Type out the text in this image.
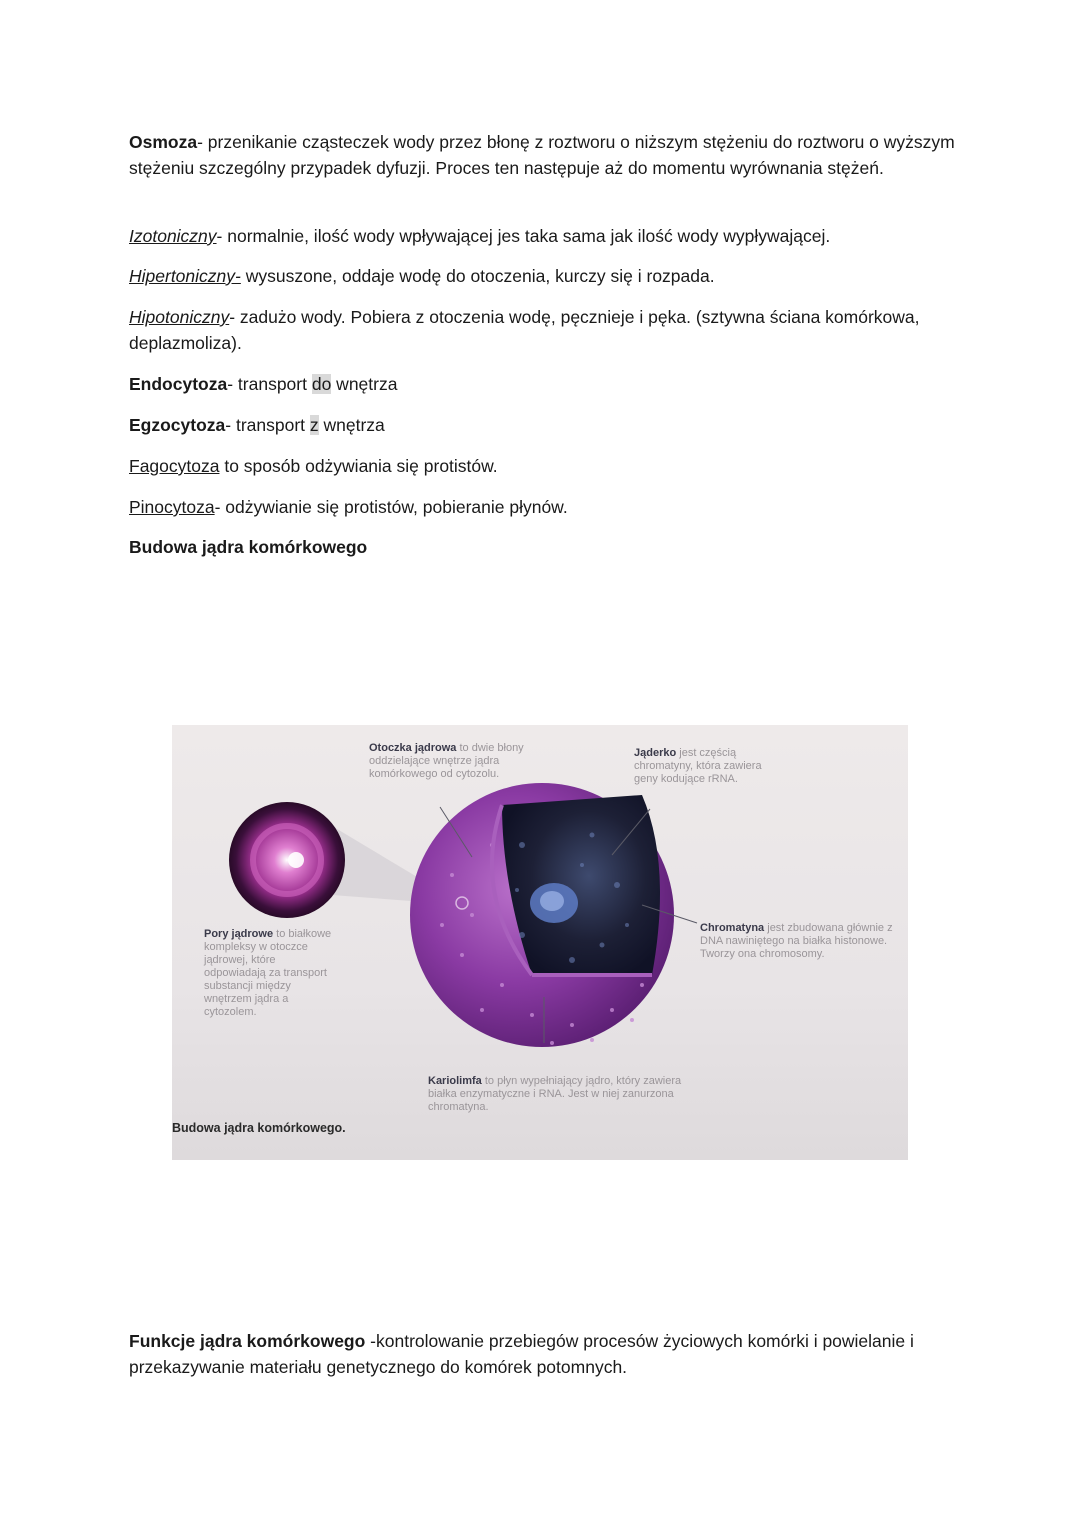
Osmoza- przenikanie cząsteczek wody przez błonę z roztworu o niższym stężeniu do roztworu o wyższym stężeniu szczególny przypadek dyfuzji. Proces ten następuje aż do momentu wyrównania stężeń.

Izotoniczny- normalnie, ilość wody wpływającej jes taka sama jak ilość wody wypływającej.

Hipertoniczny- wysuszone, oddaje wodę do otoczenia, kurczy się i rozpada.

Hipotoniczny- zadużo wody. Pobiera z otoczenia wodę, pęcznieje i pęka. (sztywna ściana komórkowa, deplazmoliza).

Endocytoza- transport do wnętrza

Egzocytoza- transport z wnętrza

Fagocytoza to sposób odżywiania się protistów.

Pinocytoza- odżywianie się protistów, pobieranie płynów.

Budowa jądra komórkowego

Otoczka jądrowa to dwie błony oddzielające wnętrze jądra komórkowego od cytozolu.
Jąderko jest częścią chromatyny, która zawiera geny kodujące rRNA.
Chromatyna jest zbudowana głównie z DNA nawiniętego na białka histonowe. Tworzy ona chromosomy.
Pory jądrowe to białkowe kompleksy w otoczce jądrowej, które odpowiadają za transport substancji między wnętrzem jądra a cytozolem.
Kariolimfa to płyn wypełniający jądro, który zawiera białka enzymatyczne i RNA. Jest w niej zanurzona chromatyna.
Budowa jądra komórkowego.

Funkcje jądra komórkowego -kontrolowanie przebiegów procesów życiowych komórki i powielanie i przekazywanie materiału genetycznego do komórek potomnych.
